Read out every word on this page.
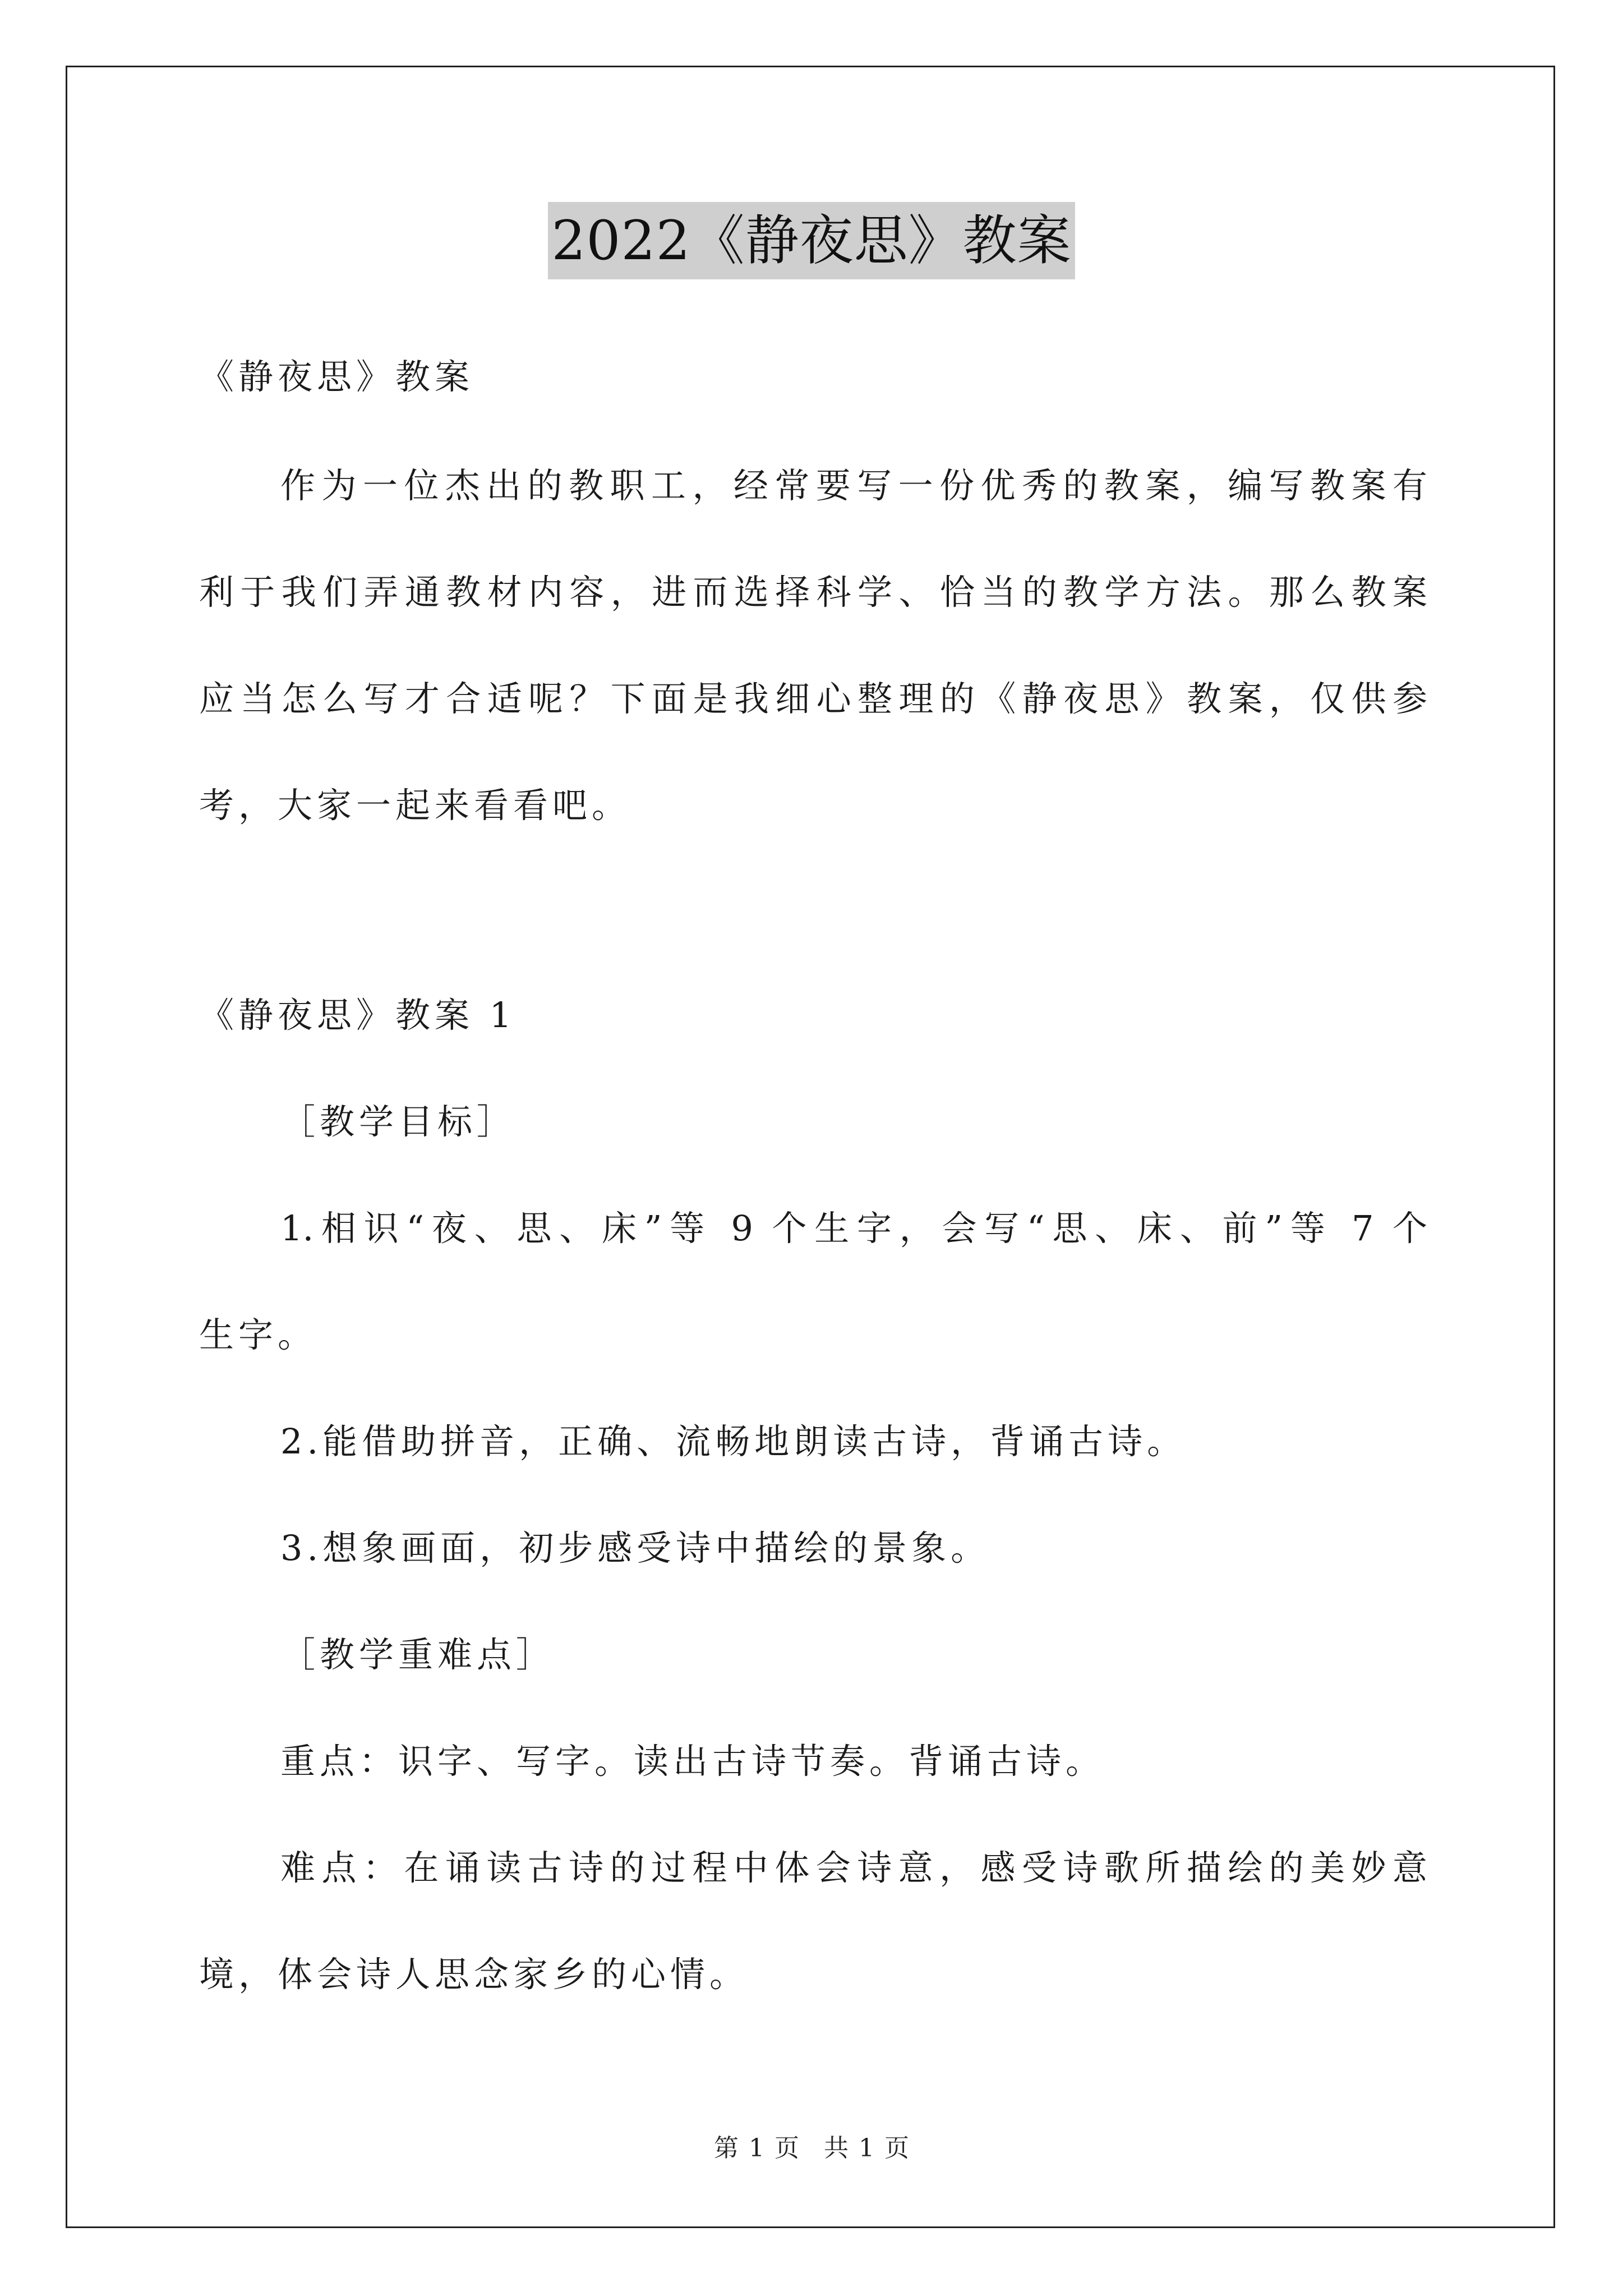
2022《静夜思》教案
《静夜思》教案
作为一位杰出的教职工，经常要写一份优秀的教案，编写教案有
利于我们弄通教材内容，进而选择科学、恰当的教学方法。那么教案
应当怎么写才合适呢？下面是我细心整理的《静夜思》教案，仅供参
考，大家一起来看看吧。
《静夜思》教案 1
［教学目标］
1.相识“夜、思、床”等 9 个生字，会写“思、床、前”等 7 个
生字。
2.能借助拼音，正确、流畅地朗读古诗，背诵古诗。
3.想象画面，初步感受诗中描绘的景象。
［教学重难点］
重点：识字、写字。读出古诗节奏。背诵古诗。
难点：在诵读古诗的过程中体会诗意，感受诗歌所描绘的美妙意
境，体会诗人思念家乡的心情。
第 1 页　共 1 页
